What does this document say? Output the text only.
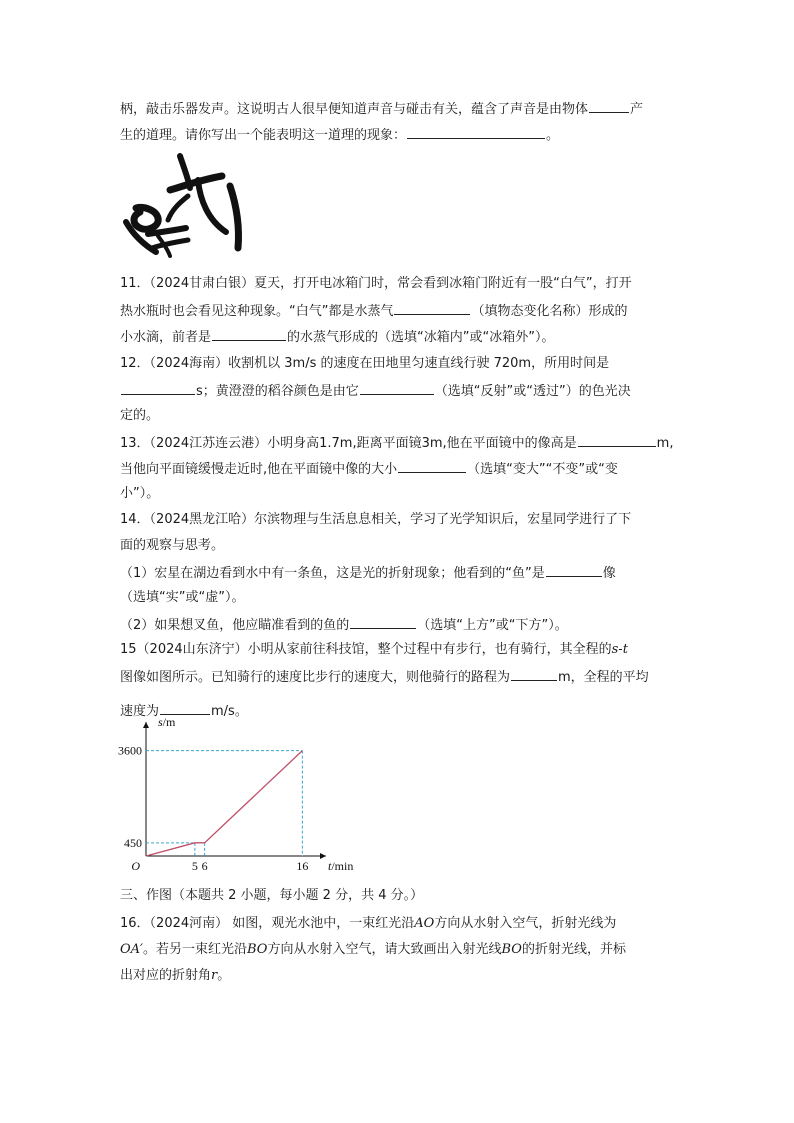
柄，敲击乐器发声。这说明古人很早便知道声音与碰击有关，蕴含了声音是由物体	产
生的道理。请你写出一个能表明这一道理的现象：	。
11．（2024甘肃白银）夏天，打开电冰箱门时，常会看到冰箱门附近有一股“白气”，打开
热水瓶时也会看见这种现象。“白气”都是水蒸气	（填物态变化名称）形成的
小水滴，前者是	的水蒸气形成的（选填“冰箱内”或“冰箱外”）。
12．（2024海南）收割机以 3m/s 的速度在田地里匀速直线行驶 720m，所用时间是
s；黄澄澄的稻谷颜色是由它	（选填“反射”或“透过”）的色光决
定的。
13．（2024江苏连云港）小明身高1.7m,距离平面镜3m,他在平面镜中的像高是	m,
当他向平面镜缓慢走近时,他在平面镜中像的大小	（选填“变大”“不变”或“变
小”）。
14．（2024黑龙江哈）尔滨物理与生活息息相关，学习了光学知识后，宏星同学进行了下
面的观察与思考。
（1）宏星在湖边看到水中有一条鱼，这是光的折射现象；他看到的“鱼”是	像
（选填“实”或“虚”）。
（2）如果想叉鱼，他应瞄准看到的鱼的	（选填“上方”或“下方”）。
15（2024山东济宁）小明从家前往科技馆，整个过程中有步行，也有骑行，其全程的s-t
图像如图所示。已知骑行的速度比步行的速度大，则他骑行的路程为	m，全程的平均
速度为	m/s。
5 6	16
450
3600
O	t/min
s/m
三、作图（本题共 2 小题，每小题 2 分，共 4 分。）
16．（2024河南） 如图，观光水池中，一束红光沿AO方向从水射入空气，折射光线为
OA′。若另一束红光沿BO方向从水射入空气，请大致画出入射光线BO的折射光线，并标
出对应的折射角r。
